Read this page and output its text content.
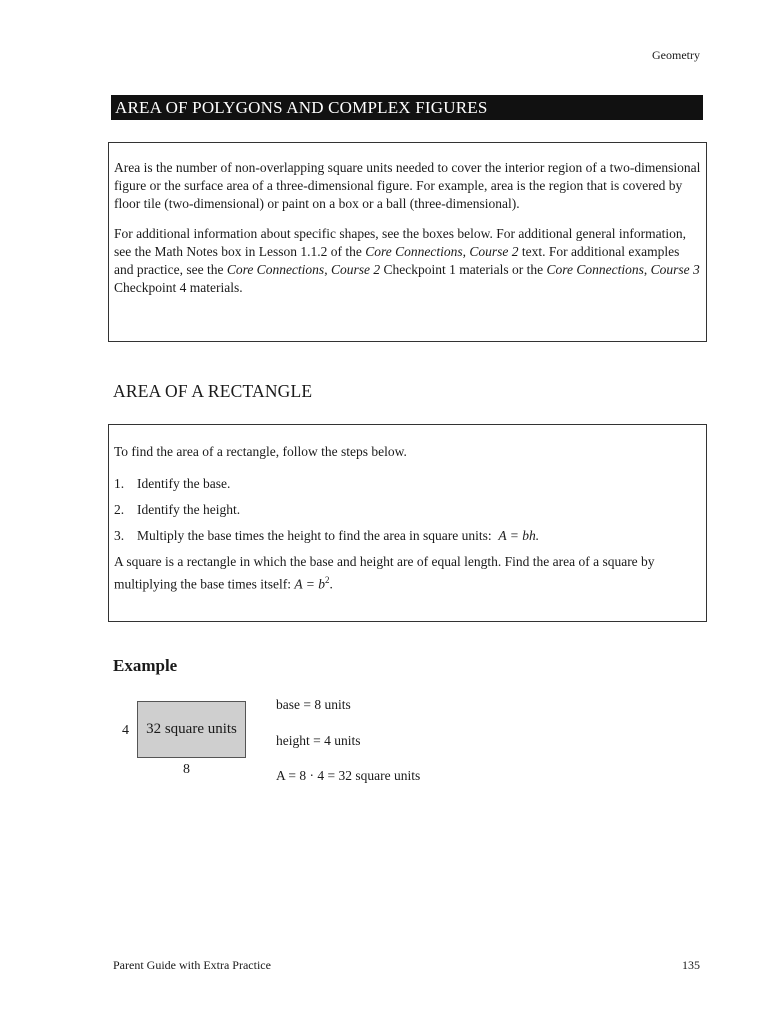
Geometry
AREA OF POLYGONS AND COMPLEX FIGURES

Area is the number of non-overlapping square units needed to cover the interior region of a two-dimensional figure or the surface area of a three-dimensional figure. For example, area is the region that is covered by floor tile (two-dimensional) or paint on a box or a ball (three-dimensional).

For additional information about specific shapes, see the boxes below. For additional general information, see the Math Notes box in Lesson 1.1.2 of the Core Connections, Course 2 text. For additional examples and practice, see the Core Connections, Course 2 Checkpoint 1 materials or the Core Connections, Course 3 Checkpoint 4 materials.

AREA OF A RECTANGLE

To find the area of a rectangle, follow the steps below.

1. Identify the base.
2. Identify the height.
3. Multiply the base times the height to find the area in square units:  A = bh.

A square is a rectangle in which the base and height are of equal length. Find the area of a square by multiplying the base times itself: $A = b^2$.

Example
4 32 square units
8
base = 8 units
height = 4 units
A = 8 · 4 = 32 square units
Parent Guide with Extra Practice	135
